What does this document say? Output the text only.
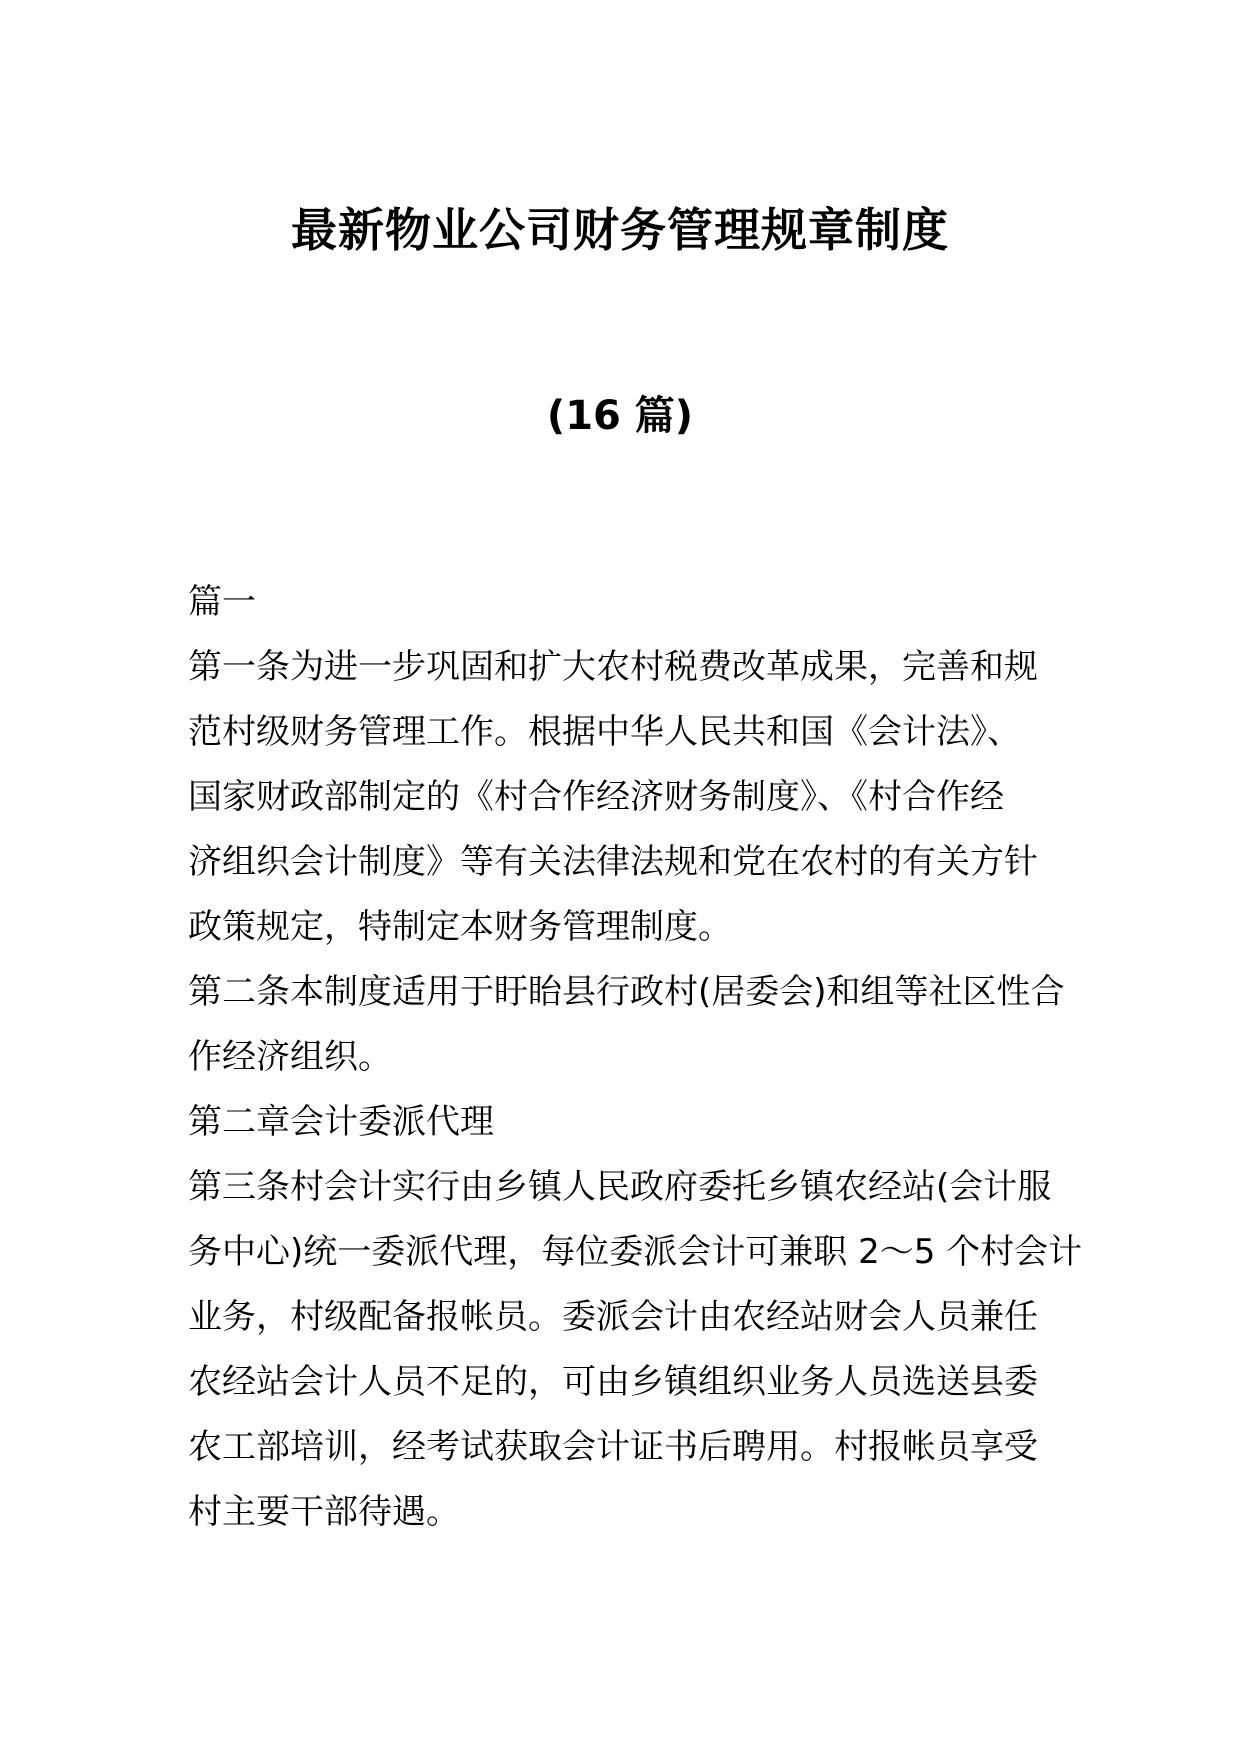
最新物业公司财务管理规章制度
(16 篇)
篇一
第一条为进一步巩固和扩大农村税费改革成果，完善和规
范村级财务管理工作。根据中华人民共和国《会计法》、
国家财政部制定的《村合作经济财务制度》、《村合作经
济组织会计制度》等有关法律法规和党在农村的有关方针
政策规定，特制定本财务管理制度。
第二条本制度适用于盱眙县行政村(居委会)和组等社区性合
作经济组织。
第二章会计委派代理
第三条村会计实行由乡镇人民政府委托乡镇农经站(会计服
务中心)统一委派代理，每位委派会计可兼职 2～5 个村会计
业务，村级配备报帐员。委派会计由农经站财会人员兼任
农经站会计人员不足的，可由乡镇组织业务人员选送县委
农工部培训，经考试获取会计证书后聘用。村报帐员享受
村主要干部待遇。
